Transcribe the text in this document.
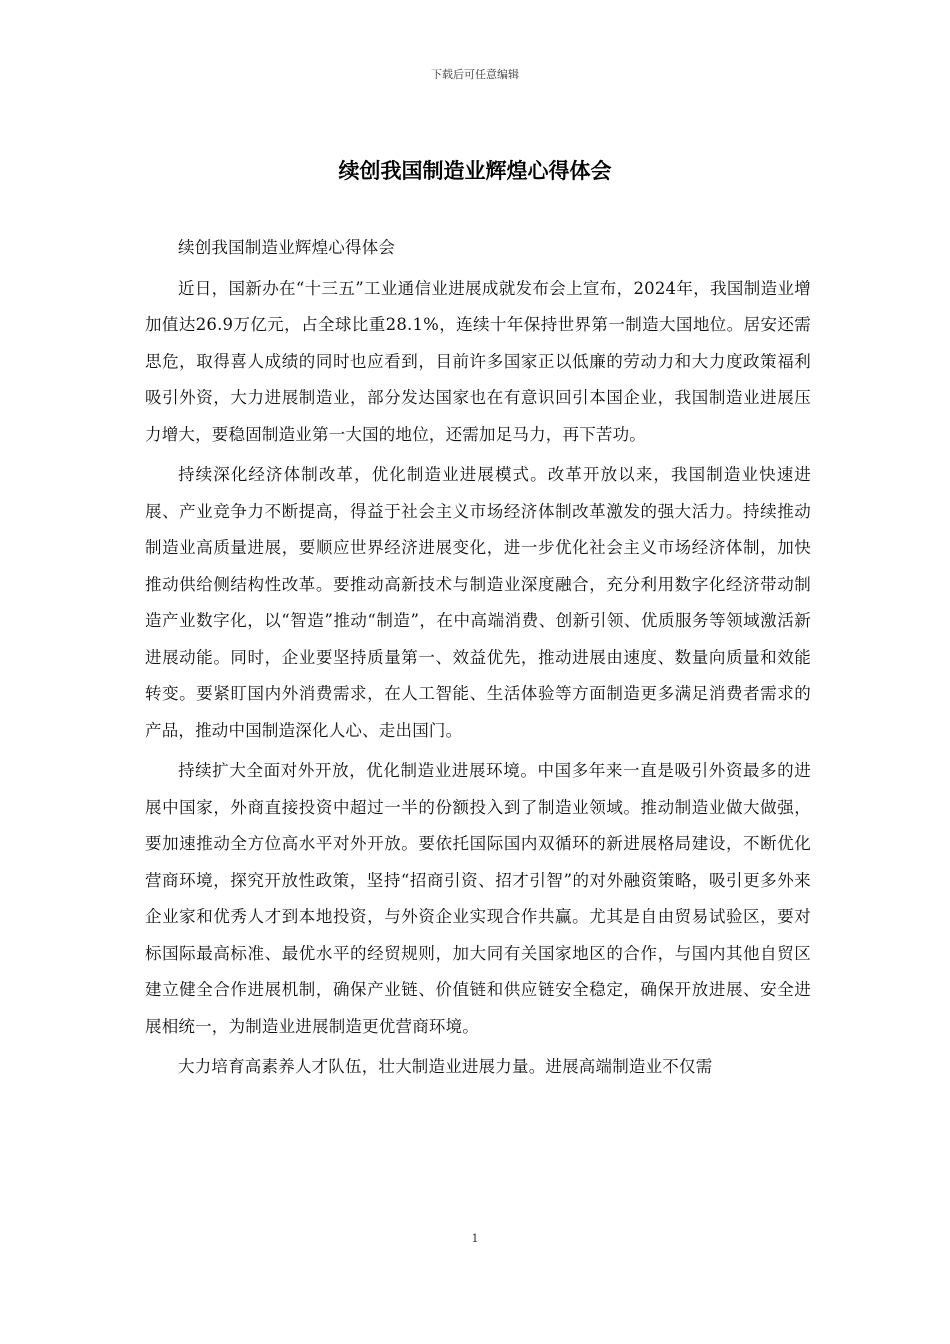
下载后可任意编辑
续创我国制造业辉煌心得体会

续创我国制造业辉煌心得体会

近日，国新办在“十三五”工业通信业进展成就发布会上宣布，2024年，我国制造业增加值达26.9万亿元，占全球比重28.1%，连续十年保持世界第一制造大国地位。居安还需思危，取得喜人成绩的同时也应看到，目前许多国家正以低廉的劳动力和大力度政策福利吸引外资，大力进展制造业，部分发达国家也在有意识回引本国企业，我国制造业进展压力增大，要稳固制造业第一大国的地位，还需加足马力，再下苦功。

持续深化经济体制改革，优化制造业进展模式。改革开放以来，我国制造业快速进展、产业竞争力不断提高，得益于社会主义市场经济体制改革激发的强大活力。持续推动制造业高质量进展，要顺应世界经济进展变化，进一步优化社会主义市场经济体制，加快推动供给侧结构性改革。要推动高新技术与制造业深度融合，充分利用数字化经济带动制造产业数字化，以“智造”推动“制造”，在中高端消费、创新引领、优质服务等领域激活新进展动能。同时，企业要坚持质量第一、效益优先，推动进展由速度、数量向质量和效能转变。要紧盯国内外消费需求，在人工智能、生活体验等方面制造更多满足消费者需求的产品，推动中国制造深化人心、走出国门。

持续扩大全面对外开放，优化制造业进展环境。中国多年来一直是吸引外资最多的进展中国家，外商直接投资中超过一半的份额投入到了制造业领域。推动制造业做大做强，要加速推动全方位高水平对外开放。要依托国际国内双循环的新进展格局建设，不断优化营商环境，探究开放性政策，坚持“招商引资、招才引智”的对外融资策略，吸引更多外来企业家和优秀人才到本地投资，与外资企业实现合作共赢。尤其是自由贸易试验区，要对标国际最高标准、最优水平的经贸规则，加大同有关国家地区的合作，与国内其他自贸区建立健全合作进展机制，确保产业链、价值链和供应链安全稳定，确保开放进展、安全进展相统一，为制造业进展制造更优营商环境。

大力培育高素养人才队伍，壮大制造业进展力量。进展高端制造业不仅需

1
